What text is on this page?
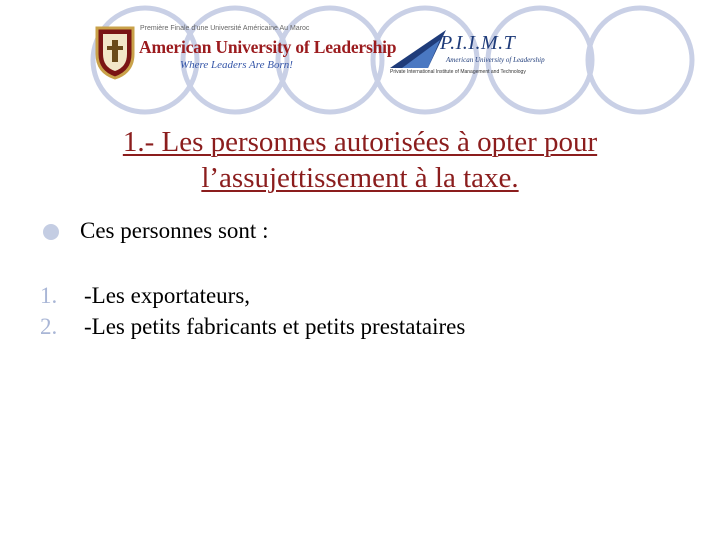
Première Finale d'une Université Américaine Au Maroc
American University of Leadership
Where Leaders Are Born!
P.I.I.M.T
American University of Leadership
Private International Institute of Management and Technology
1.- Les personnes autorisées à opter pour
l’assujettissement à la taxe.
Ces personnes sont :
1. -Les exportateurs,
2. -Les petits fabricants et petits prestataires
